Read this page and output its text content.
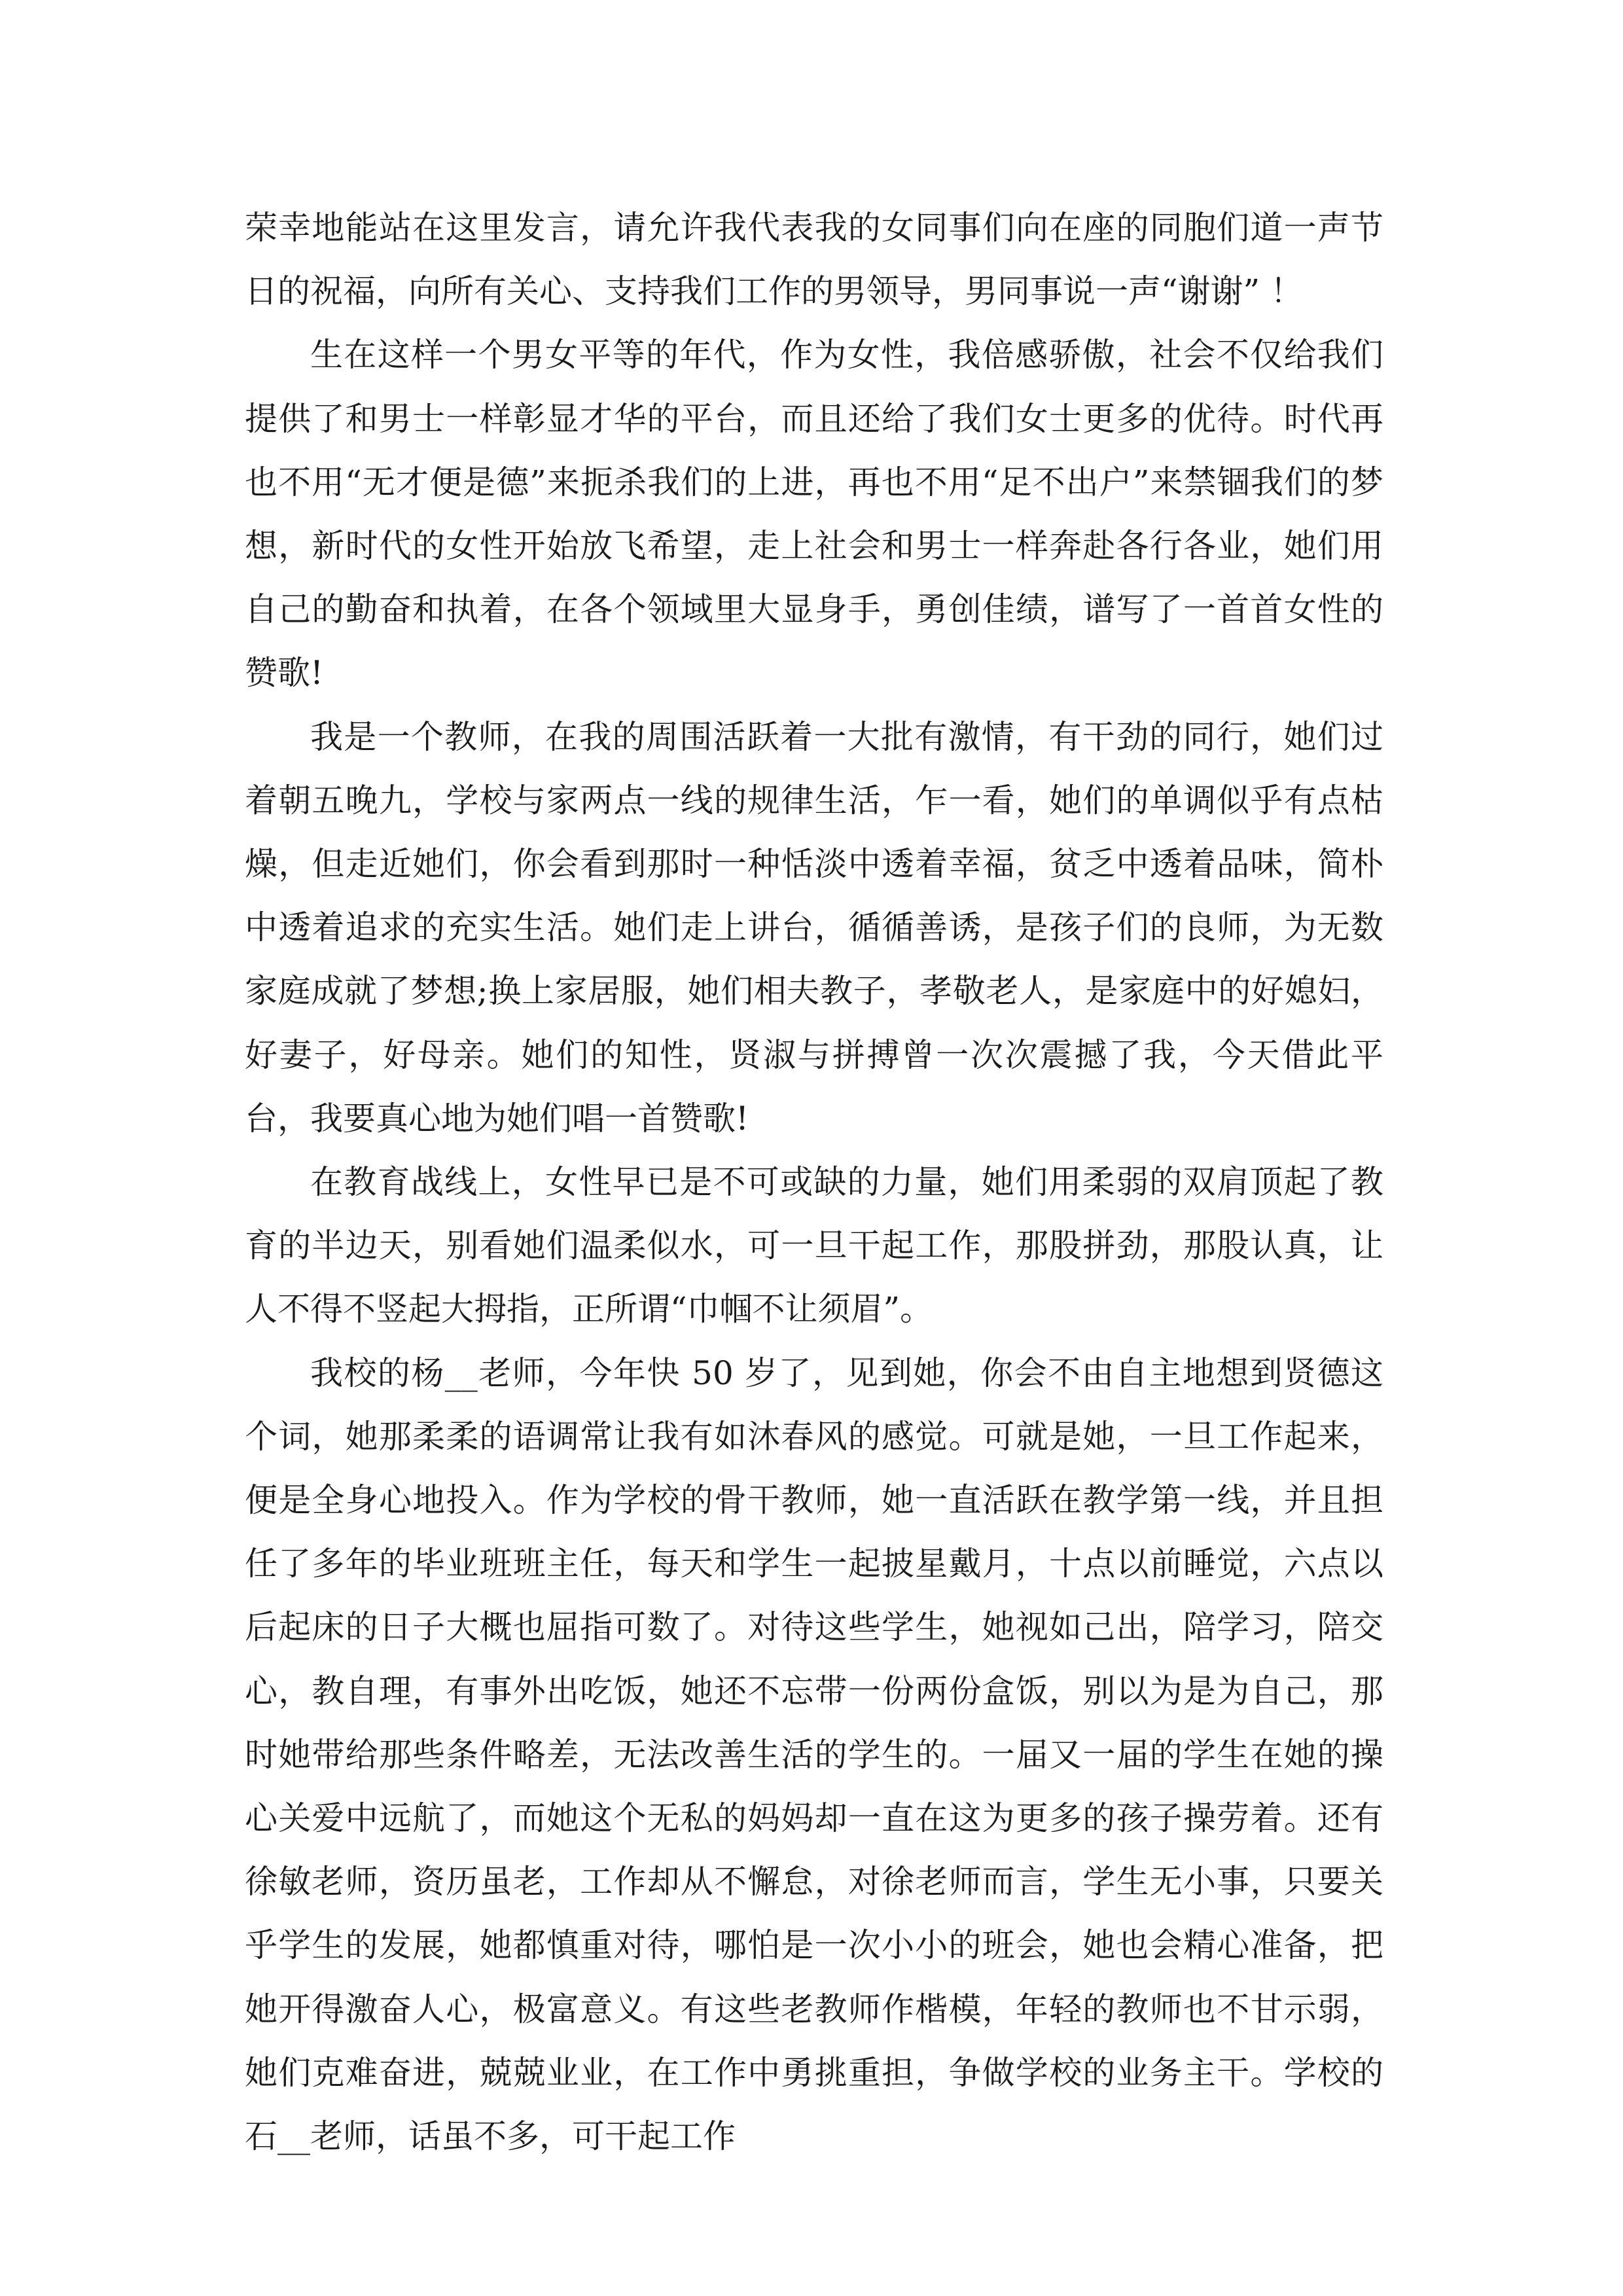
荣幸地能站在这里发言，请允许我代表我的女同事们向在座的同胞们道一声节日的祝福，向所有关心、支持我们工作的男领导，男同事说一声“谢谢” ！

生在这样一个男女平等的年代，作为女性，我倍感骄傲，社会不仅给我们提供了和男士一样彰显才华的平台，而且还给了我们女士更多的优待。时代再也不用“无才便是德”来扼杀我们的上进，再也不用“足不出户”来禁锢我们的梦想，新时代的女性开始放飞希望，走上社会和男士一样奔赴各行各业，她们用自己的勤奋和执着，在各个领域里大显身手，勇创佳绩，谱写了一首首女性的赞歌!

我是一个教师，在我的周围活跃着一大批有激情，有干劲的同行，她们过着朝五晚九，学校与家两点一线的规律生活，乍一看，她们的单调似乎有点枯燥，但走近她们，你会看到那时一种恬淡中透着幸福，贫乏中透着品味，简朴中透着追求的充实生活。她们走上讲台，循循善诱，是孩子们的良师，为无数家庭成就了梦想;换上家居服，她们相夫教子，孝敬老人，是家庭中的好媳妇，好妻子，好母亲。她们的知性，贤淑与拼搏曾一次次震撼了我，今天借此平台，我要真心地为她们唱一首赞歌!

在教育战线上，女性早已是不可或缺的力量，她们用柔弱的双肩顶起了教育的半边天，别看她们温柔似水，可一旦干起工作，那股拼劲，那股认真，让人不得不竖起大拇指，正所谓“巾帼不让须眉”。

我校的杨__老师，今年快 50 岁了，见到她，你会不由自主地想到贤德这个词，她那柔柔的语调常让我有如沐春风的感觉。可就是她，一旦工作起来，便是全身心地投入。作为学校的骨干教师，她一直活跃在教学第一线，并且担任了多年的毕业班班主任，每天和学生一起披星戴月，十点以前睡觉，六点以后起床的日子大概也屈指可数了。对待这些学生，她视如己出，陪学习，陪交心，教自理，有事外出吃饭，她还不忘带一份两份盒饭，别以为是为自己，那时她带给那些条件略差，无法改善生活的学生的。一届又一届的学生在她的操心关爱中远航了，而她这个无私的妈妈却一直在这为更多的孩子操劳着。还有徐敏老师，资历虽老，工作却从不懈怠，对徐老师而言，学生无小事，只要关乎学生的发展，她都慎重对待，哪怕是一次小小的班会，她也会精心准备，把她开得激奋人心，极富意义。有这些老教师作楷模，年轻的教师也不甘示弱，她们克难奋进，兢兢业业，在工作中勇挑重担，争做学校的业务主干。学校的石__老师，话虽不多，可干起工作
